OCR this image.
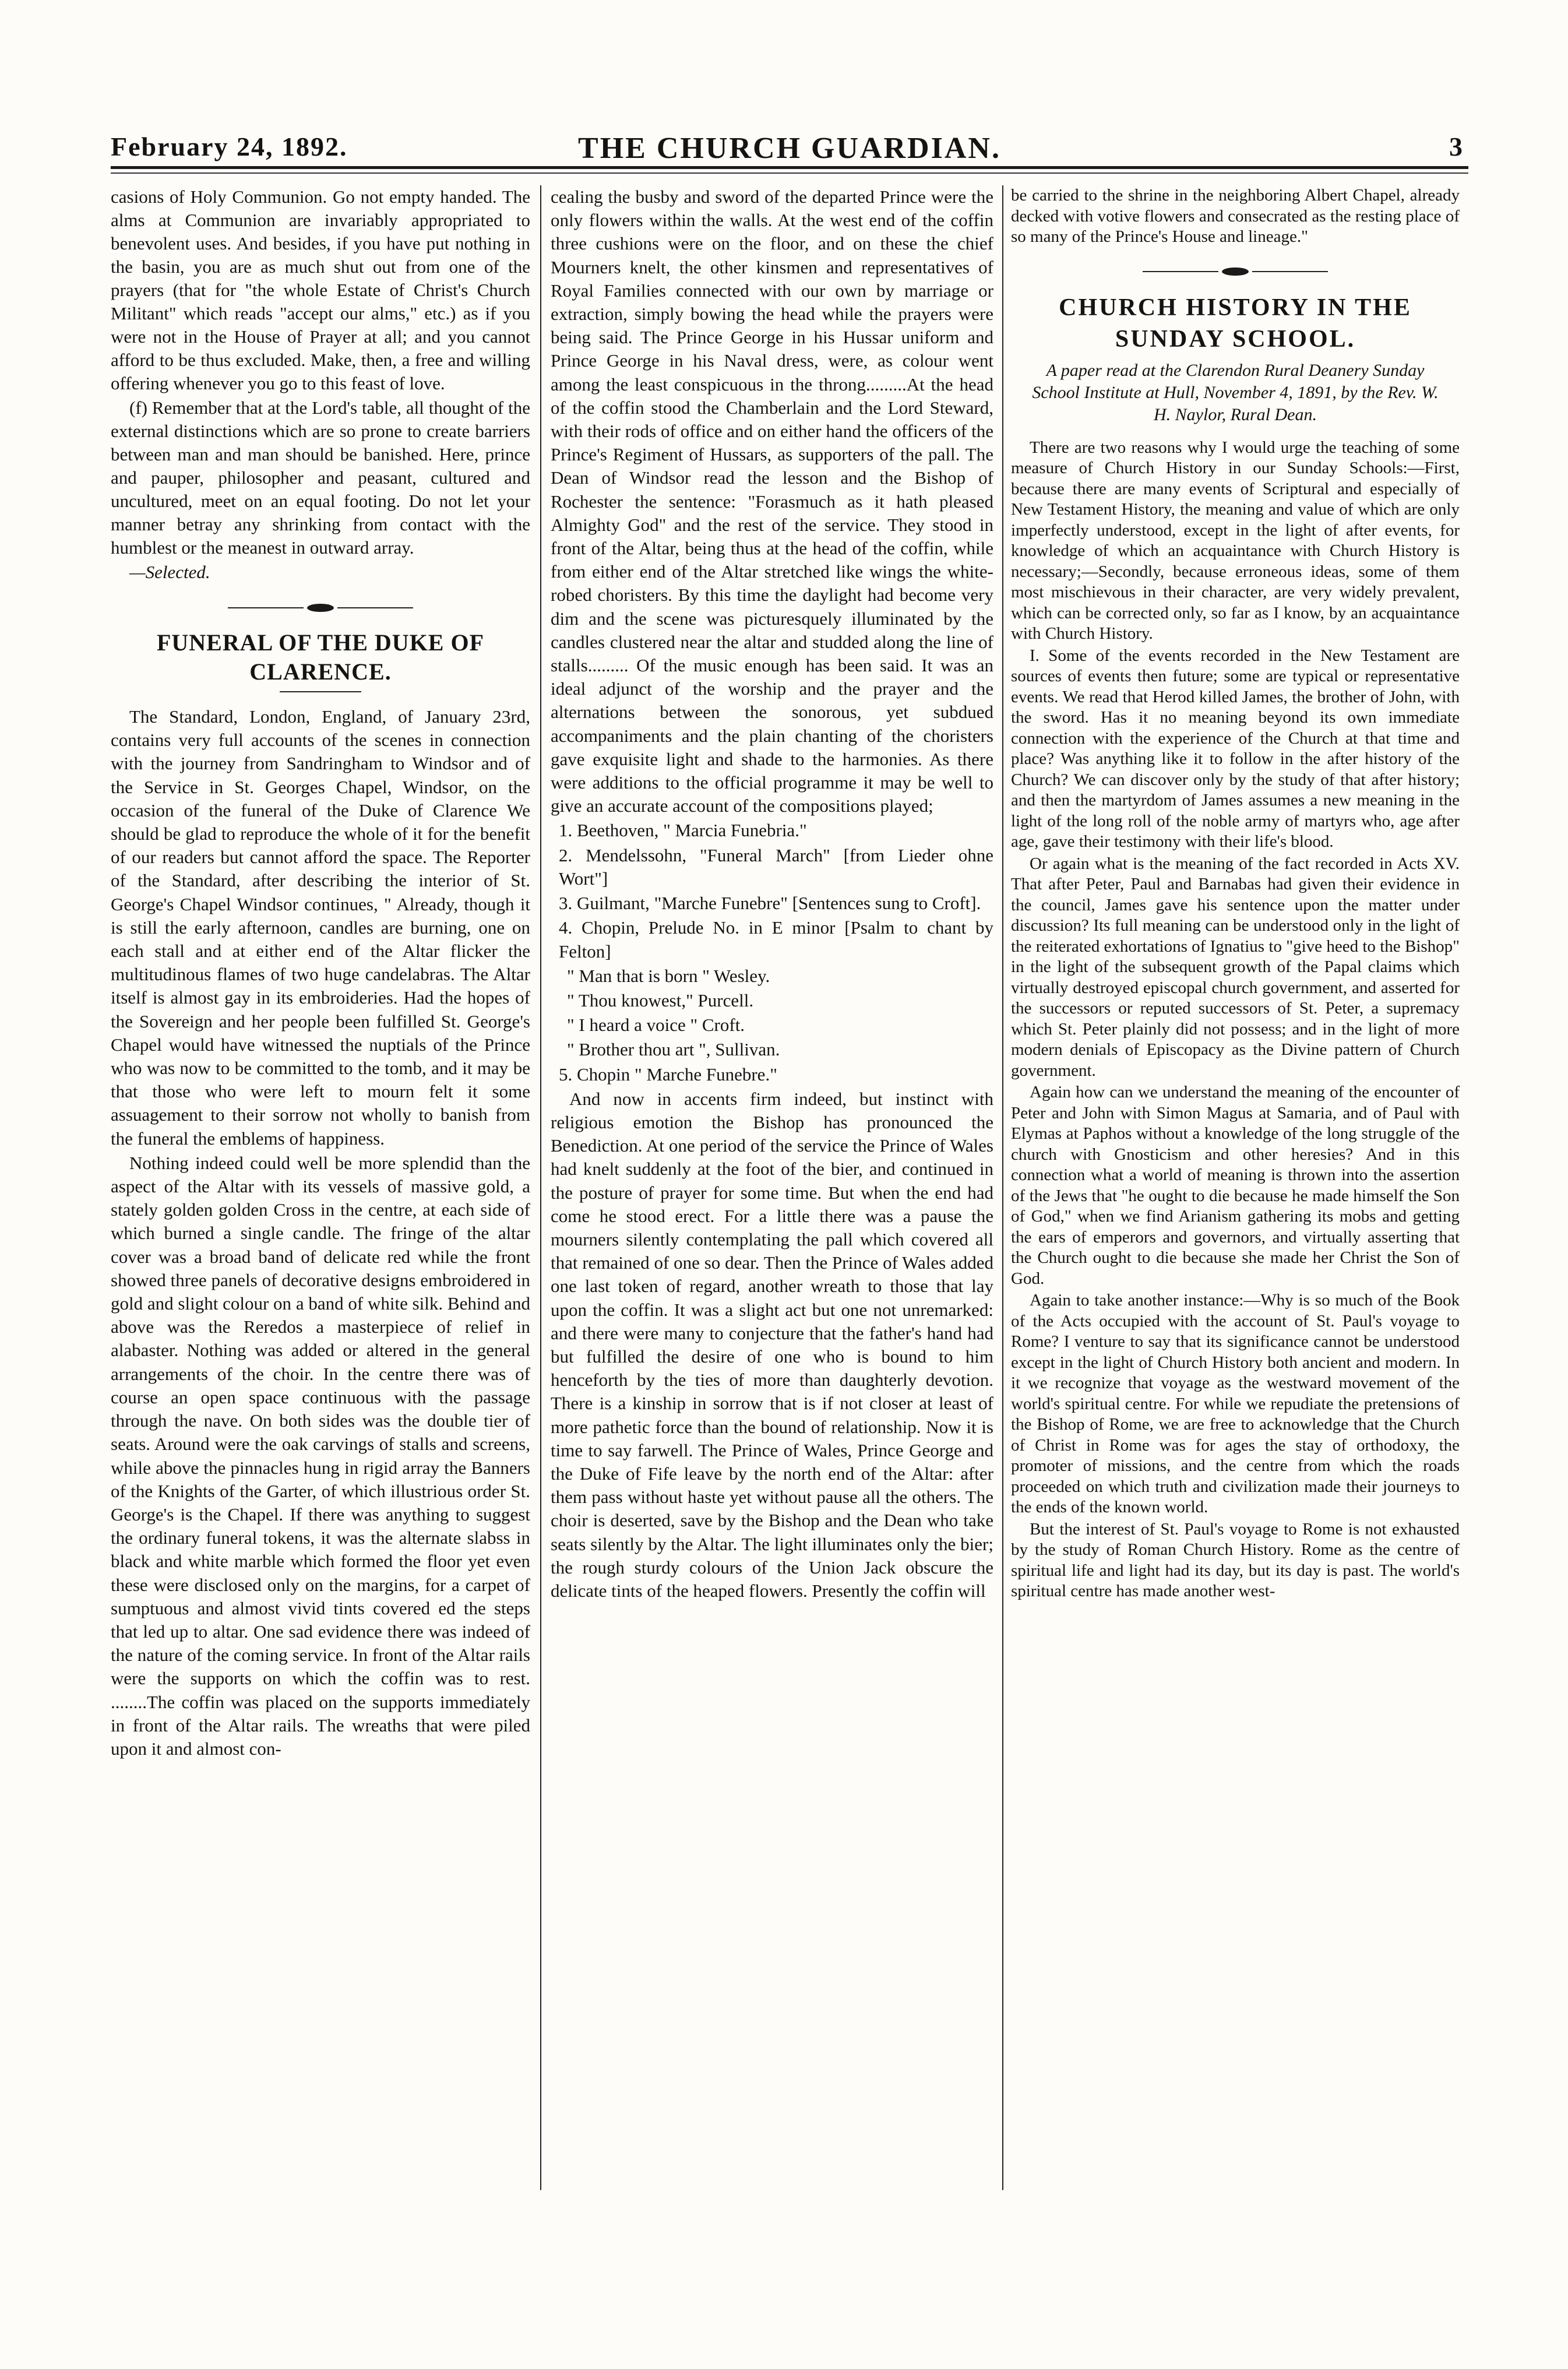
February 24, 1892.	THE CHURCH GUARDIAN.	3

casions of Holy Communion. Go not empty handed. The alms at Communion are invariably appropriated to benevolent uses. And besides, if you have put nothing in the basin, you are as much shut out from one of the prayers (that for "the whole Estate of Christ's Church Militant" which reads "accept our alms," etc.) as if you were not in the House of Prayer at all; and you cannot afford to be thus excluded. Make, then, a free and willing offering whenever you go to this feast of love.

(f) Remember that at the Lord's table, all thought of the external distinctions which are so prone to create barriers between man and man should be banished. Here, prince and pauper, philosopher and peasant, cultured and uncultured, meet on an equal footing. Do not let your manner betray any shrinking from contact with the humblest or the meanest in outward array.

—Selected.

FUNERAL OF THE DUKE OF CLARENCE.

The Standard, London, England, of January 23rd, contains very full accounts of the scenes in connection with the journey from Sandringham to Windsor and of the Service in St. Georges Chapel, Windsor, on the occasion of the funeral of the Duke of Clarence We should be glad to reproduce the whole of it for the benefit of our readers but cannot afford the space. The Reporter of the Standard, after describing the interior of St. George's Chapel Windsor continues, " Already, though it is still the early afternoon, candles are burning, one on each stall and at either end of the Altar flicker the multitudinous flames of two huge candelabras. The Altar itself is almost gay in its embroideries. Had the hopes of the Sovereign and her people been fulfilled St. George's Chapel would have witnessed the nuptials of the Prince who was now to be committed to the tomb, and it may be that those who were left to mourn felt it some assuagement to their sorrow not wholly to banish from the funeral the emblems of happiness.

Nothing indeed could well be more splendid than the aspect of the Altar with its vessels of massive gold, a stately golden golden Cross in the centre, at each side of which burned a single candle. The fringe of the altar cover was a broad band of delicate red while the front showed three panels of decorative designs embroidered in gold and slight colour on a band of white silk. Behind and above was the Reredos a masterpiece of relief in alabaster. Nothing was added or altered in the general arrangements of the choir. In the centre there was of course an open space continuous with the passage through the nave. On both sides was the double tier of seats. Around were the oak carvings of stalls and screens, while above the pinnacles hung in rigid array the Banners of the Knights of the Garter, of which illustrious order St. George's is the Chapel. If there was anything to suggest the ordinary funeral tokens, it was the alternate slabss in black and white marble which formed the floor yet even these were disclosed only on the margins, for a carpet of sumptuous and almost vivid tints covered ed the steps that led up to altar. One sad evidence there was indeed of the nature of the coming service. In front of the Altar rails were the supports on which the coffin was to rest. ........The coffin was placed on the supports immediately in front of the Altar rails. The wreaths that were piled upon it and almost con-

cealing the busby and sword of the departed Prince were the only flowers within the walls. At the west end of the coffin three cushions were on the floor, and on these the chief Mourners knelt, the other kinsmen and representatives of Royal Families connected with our own by marriage or extraction, simply bowing the head while the prayers were being said. The Prince George in his Hussar uniform and Prince George in his Naval dress, were, as colour went among the least conspicuous in the throng.........At the head of the coffin stood the Chamberlain and the Lord Steward, with their rods of office and on either hand the officers of the Prince's Regiment of Hussars, as supporters of the pall. The Dean of Windsor read the lesson and the Bishop of Rochester the sentence: "Forasmuch as it hath pleased Almighty God" and the rest of the service. They stood in front of the Altar, being thus at the head of the coffin, while from either end of the Altar stretched like wings the white-robed choristers. By this time the daylight had become very dim and the scene was picturesquely illuminated by the candles clustered near the altar and studded along the line of stalls......... Of the music enough has been said. It was an ideal adjunct of the worship and the prayer and the alternations between the sonorous, yet subdued accompaniments and the plain chanting of the choristers gave exquisite light and shade to the harmonies. As there were additions to the official programme it may be well to give an accurate account of the compositions played;

1. Beethoven, " Marcia Funebria."

2. Mendelssohn, "Funeral March" [from Lieder ohne Wort"]

3. Guilmant, "Marche Funebre" [Sentences sung to Croft].

4. Chopin, Prelude No. in E minor [Psalm to chant by Felton]

" Man that is born " Wesley.

" Thou knowest," Purcell.

" I heard a voice " Croft.

" Brother thou art ", Sullivan.

5. Chopin " Marche Funebre."

And now in accents firm indeed, but instinct with religious emotion the Bishop has pronounced the Benediction. At one period of the service the Prince of Wales had knelt suddenly at the foot of the bier, and continued in the posture of prayer for some time. But when the end had come he stood erect. For a little there was a pause the mourners silently contemplating the pall which covered all that remained of one so dear. Then the Prince of Wales added one last token of regard, another wreath to those that lay upon the coffin. It was a slight act but one not unremarked: and there were many to conjecture that the father's hand had but fulfilled the desire of one who is bound to him henceforth by the ties of more than daughterly devotion. There is a kinship in sorrow that is if not closer at least of more pathetic force than the bound of relationship. Now it is time to say farwell. The Prince of Wales, Prince George and the Duke of Fife leave by the north end of the Altar: after them pass without haste yet without pause all the others. The choir is deserted, save by the Bishop and the Dean who take seats silently by the Altar. The light illuminates only the bier; the rough sturdy colours of the Union Jack obscure the delicate tints of the heaped flowers. Presently the coffin will

be carried to the shrine in the neighboring Albert Chapel, already decked with votive flowers and consecrated as the resting place of so many of the Prince's House and lineage."

CHURCH HISTORY IN THE SUNDAY SCHOOL.
A paper read at the Clarendon Rural Deanery Sunday School Institute at Hull, November 4, 1891, by the Rev. W. H. Naylor, Rural Dean.

There are two reasons why I would urge the teaching of some measure of Church History in our Sunday Schools:—First, because there are many events of Scriptural and especially of New Testament History, the meaning and value of which are only imperfectly understood, except in the light of after events, for knowledge of which an acquaintance with Church History is necessary;—Secondly, because erroneous ideas, some of them most mischievous in their character, are very widely prevalent, which can be corrected only, so far as I know, by an acquaintance with Church History.

I. Some of the events recorded in the New Testament are sources of events then future; some are typical or representative events. We read that Herod killed James, the brother of John, with the sword. Has it no meaning beyond its own immediate connection with the experience of the Church at that time and place? Was anything like it to follow in the after history of the Church? We can discover only by the study of that after history; and then the martyrdom of James assumes a new meaning in the light of the long roll of the noble army of martyrs who, age after age, gave their testimony with their life's blood.

Or again what is the meaning of the fact recorded in Acts XV. That after Peter, Paul and Barnabas had given their evidence in the council, James gave his sentence upon the matter under discussion? Its full meaning can be understood only in the light of the reiterated exhortations of Ignatius to "give heed to the Bishop" in the light of the subsequent growth of the Papal claims which virtually destroyed episcopal church government, and asserted for the successors or reputed successors of St. Peter, a supremacy which St. Peter plainly did not possess; and in the light of more modern denials of Episcopacy as the Divine pattern of Church government.

Again how can we understand the meaning of the encounter of Peter and John with Simon Magus at Samaria, and of Paul with Elymas at Paphos without a knowledge of the long struggle of the church with Gnosticism and other heresies? And in this connection what a world of meaning is thrown into the assertion of the Jews that "he ought to die because he made himself the Son of God," when we find Arianism gathering its mobs and getting the ears of emperors and governors, and virtually asserting that the Church ought to die because she made her Christ the Son of God.

Again to take another instance:—Why is so much of the Book of the Acts occupied with the account of St. Paul's voyage to Rome? I venture to say that its significance cannot be understood except in the light of Church History both ancient and modern. In it we recognize that voyage as the westward movement of the world's spiritual centre. For while we repudiate the pretensions of the Bishop of Rome, we are free to acknowledge that the Church of Christ in Rome was for ages the stay of orthodoxy, the promoter of missions, and the centre from which the roads proceeded on which truth and civilization made their journeys to the ends of the known world.

But the interest of St. Paul's voyage to Rome is not exhausted by the study of Roman Church History. Rome as the centre of spiritual life and light had its day, but its day is past. The world's spiritual centre has made another west-
